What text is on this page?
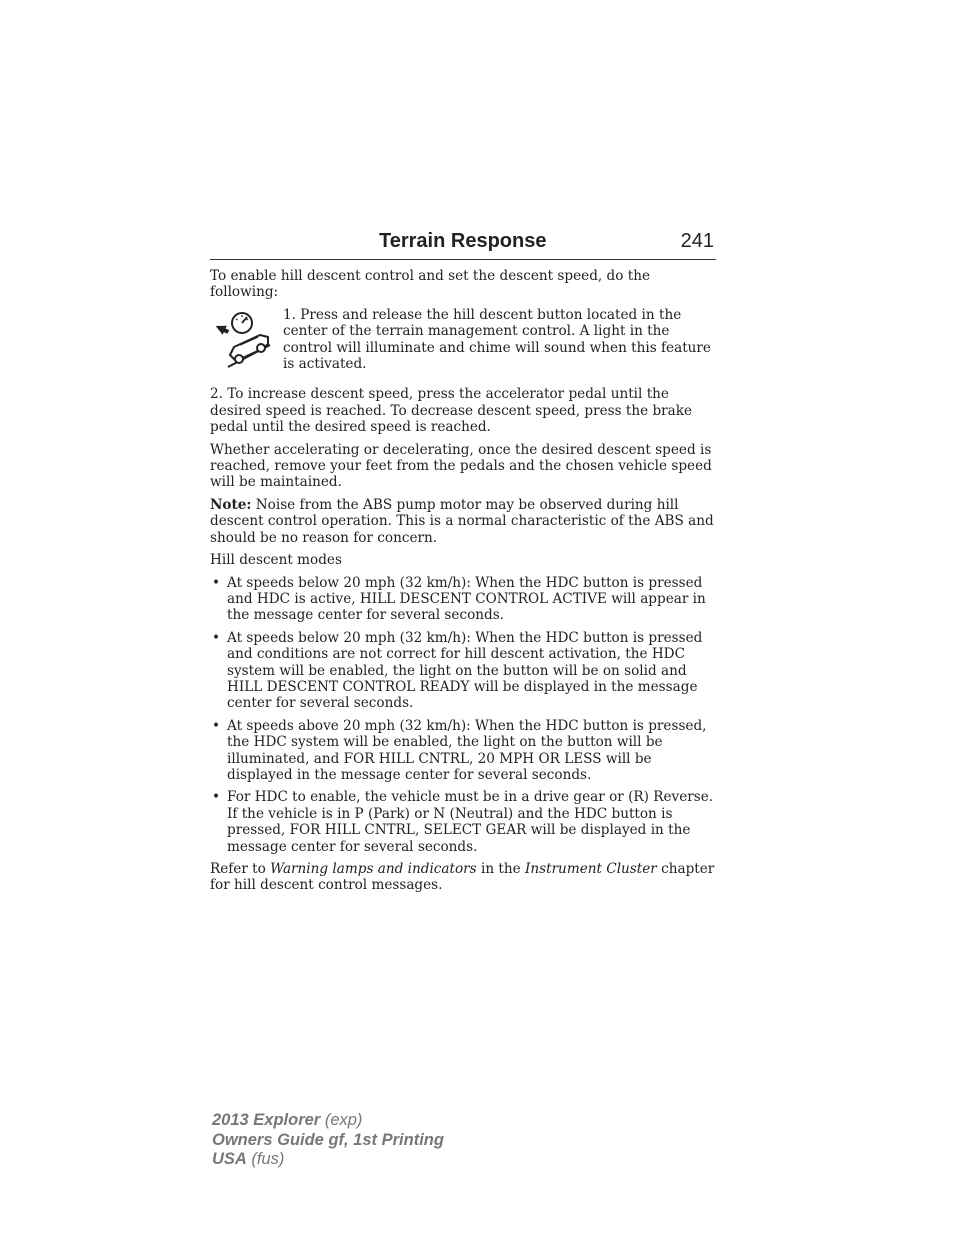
Terrain Response	241

To enable hill descent control and set the descent speed, do the following:

1. Press and release the hill descent button located in the center of the terrain management control. A light in the control will illuminate and chime will sound when this feature is activated.

2. To increase descent speed, press the accelerator pedal until the desired speed is reached. To decrease descent speed, press the brake pedal until the desired speed is reached.

Whether accelerating or decelerating, once the desired descent speed is reached, remove your feet from the pedals and the chosen vehicle speed will be maintained.

Note: Noise from the ABS pump motor may be observed during hill descent control operation. This is a normal characteristic of the ABS and should be no reason for concern.

Hill descent modes

• At speeds below 20 mph (32 km/h): When the HDC button is pressed and HDC is active, HILL DESCENT CONTROL ACTIVE will appear in the message center for several seconds.
• At speeds below 20 mph (32 km/h): When the HDC button is pressed and conditions are not correct for hill descent activation, the HDC system will be enabled, the light on the button will be on solid and HILL DESCENT CONTROL READY will be displayed in the message center for several seconds.
• At speeds above 20 mph (32 km/h): When the HDC button is pressed, the HDC system will be enabled, the light on the button will be illuminated, and FOR HILL CNTRL, 20 MPH OR LESS will be displayed in the message center for several seconds.
• For HDC to enable, the vehicle must be in a drive gear or (R) Reverse. If the vehicle is in P (Park) or N (Neutral) and the HDC button is pressed, FOR HILL CNTRL, SELECT GEAR will be displayed in the message center for several seconds.

Refer to Warning lamps and indicators in the Instrument Cluster chapter for hill descent control messages.

2013 Explorer (exp)
Owners Guide gf, 1st Printing
USA (fus)
